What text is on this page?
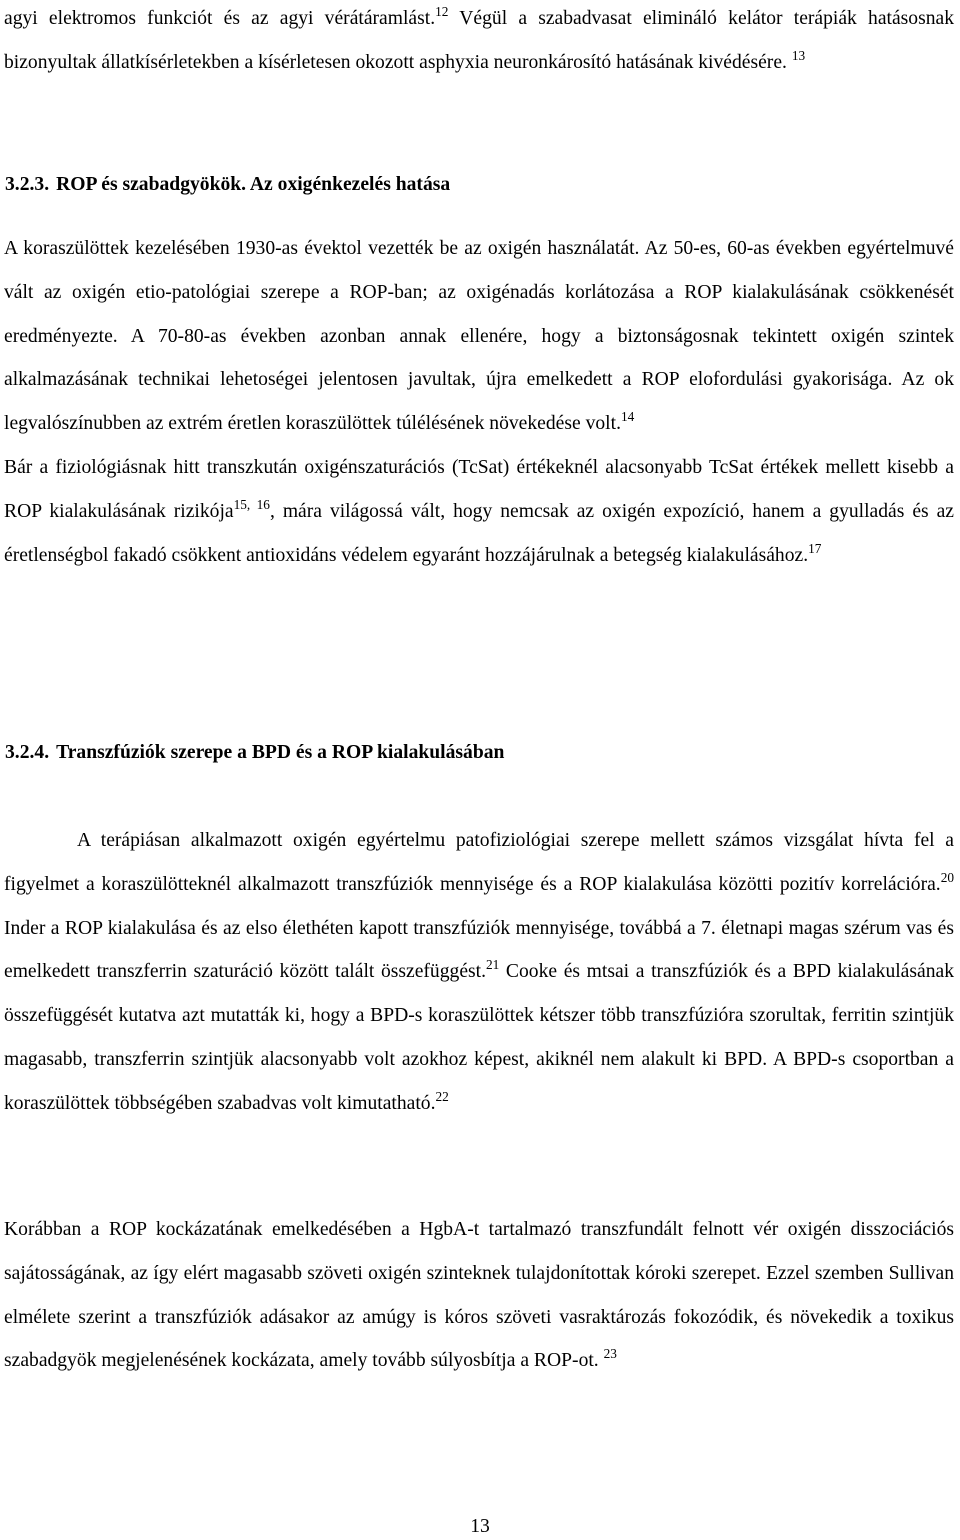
agyi elektromos funkciót és az agyi vérátáramlást.$^{12}$ Végül a szabadvasat elimináló kelátor terápiák hatásosnak bizonyultak állatkísérletekben a kísérletesen okozott asphyxia neuronkárosító hatásának kivédésére. $^{13}$

3.2.3. ROP és szabadgyökök. Az oxigénkezelés hatása

A koraszülöttek kezelésében 1930-as évektol vezették be az oxigén használatát. Az 50-es, 60-as években egyértelmuvé vált az oxigén etio-patológiai szerepe a ROP-ban; az oxigénadás korlátozása a ROP kialakulásának csökkenését eredményezte. A 70-80-as években azonban annak ellenére, hogy a biztonságosnak tekintett oxigén szintek alkalmazásának technikai lehetoségei jelentosen javultak, újra emelkedett a ROP elofordulási gyakorisága. Az ok legvalószínubben az extrém éretlen koraszülöttek túlélésének növekedése volt.$^{14}$
Bár a fiziológiásnak hitt transzkután oxigénszaturációs (TcSat) értékeknél alacsonyabb TcSat értékek mellett kisebb a ROP kialakulásának rizikója$^{15, 16}$, mára világossá vált, hogy nemcsak az oxigén expozíció, hanem a gyulladás és az éretlenségbol fakadó csökkent antioxidáns védelem egyaránt hozzájárulnak a betegség kialakulásához.$^{17}$

3.2.4. Transzfúziók szerepe a BPD és a ROP kialakulásában

A terápiásan alkalmazott oxigén egyértelmu patofiziológiai szerepe mellett számos vizsgálat hívta fel a figyelmet a koraszülötteknél alkalmazott transzfúziók mennyisége és a ROP kialakulása közötti pozitív korrelációra.$^{20}$ Inder a ROP kialakulása és az elso élethéten kapott transzfúziók mennyisége, továbbá a 7. életnapi magas szérum vas és emelkedett transzferrin szaturáció között talált összefüggést.$^{21}$ Cooke és mtsai a transzfúziók és a BPD kialakulásának összefüggését kutatva azt mutatták ki, hogy a BPD-s koraszülöttek kétszer több transzfúzióra szorultak, ferritin szintjük magasabb, transzferrin szintjük alacsonyabb volt azokhoz képest, akiknél nem alakult ki BPD. A BPD-s csoportban a koraszülöttek többségében szabadvas volt kimutatható.$^{22}$

Korábban a ROP kockázatának emelkedésében a HgbA-t tartalmazó transzfundált felnott vér oxigén disszociációs sajátosságának, az így elért magasabb szöveti oxigén szinteknek tulajdonítottak kóroki szerepet. Ezzel szemben Sullivan elmélete szerint a transzfúziók adásakor az amúgy is kóros szöveti vasraktározás fokozódik, és növekedik a toxikus szabadgyök megjelenésének kockázata, amely tovább súlyosbítja a ROP-ot. $^{23}$

13
